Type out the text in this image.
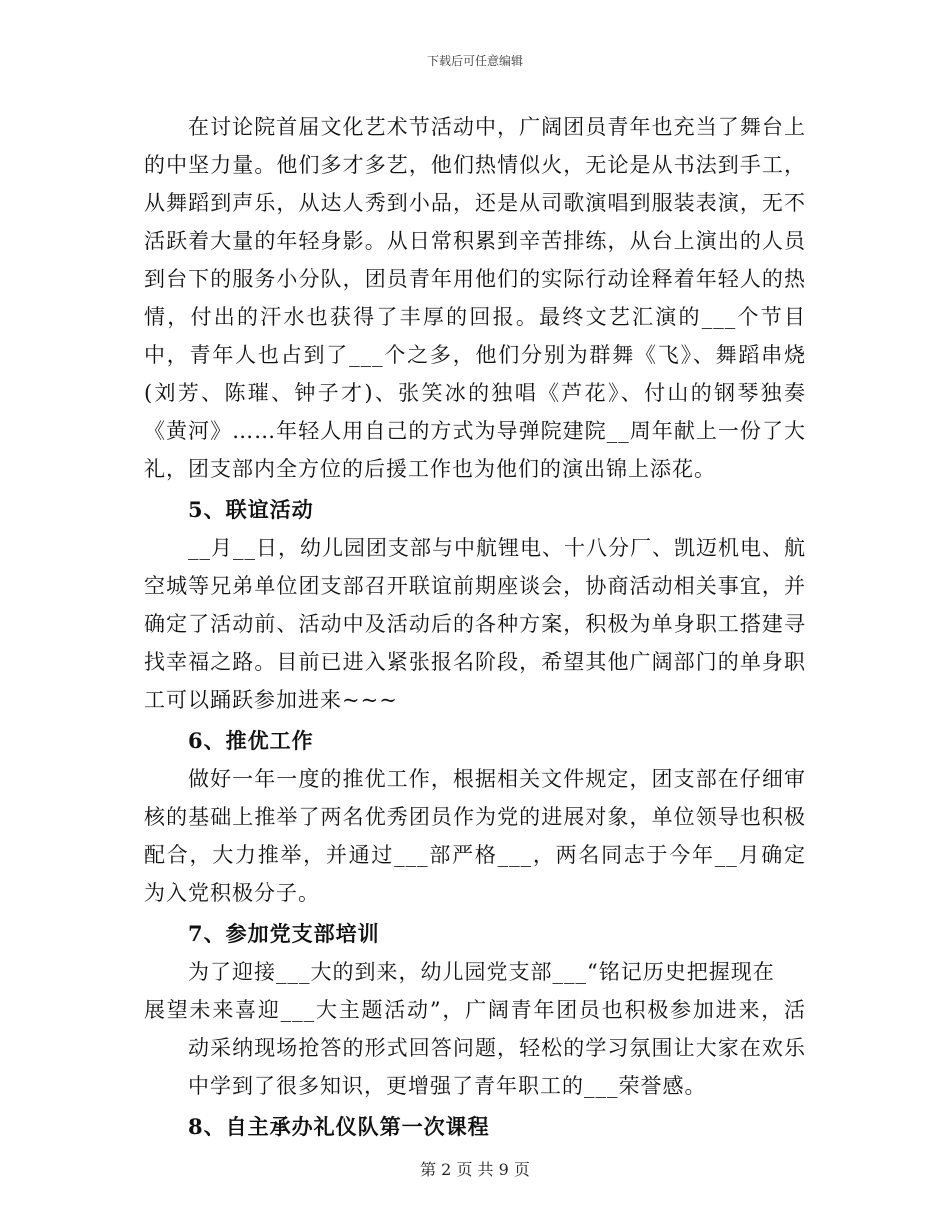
下载后可任意编辑

在讨论院首届文化艺术节活动中，广阔团员青年也充当了舞台上的中坚力量。他们多才多艺，他们热情似火，无论是从书法到手工，从舞蹈到声乐，从达人秀到小品，还是从司歌演唱到服装表演，无不活跃着大量的年轻身影。从日常积累到辛苦排练，从台上演出的人员到台下的服务小分队，团员青年用他们的实际行动诠释着年轻人的热情，付出的汗水也获得了丰厚的回报。最终文艺汇演的___个节目中，青年人也占到了___个之多，他们分别为群舞《飞》、舞蹈串烧(刘芳、陈璀、钟子才)、张笑冰的独唱《芦花》、付山的钢琴独奏《黄河》……年轻人用自己的方式为导弹院建院__周年献上一份了大礼，团支部内全方位的后援工作也为他们的演出锦上添花。

5、联谊活动

__月__日，幼儿园团支部与中航锂电、十八分厂、凯迈机电、航空城等兄弟单位团支部召开联谊前期座谈会，协商活动相关事宜，并确定了活动前、活动中及活动后的各种方案，积极为单身职工搭建寻找幸福之路。目前已进入紧张报名阶段，希望其他广阔部门的单身职工可以踊跃参加进来~~~

6、推优工作

做好一年一度的推优工作，根据相关文件规定，团支部在仔细审核的基础上推举了两名优秀团员作为党的进展对象，单位领导也积极配合，大力推举，并通过___部严格___，两名同志于今年__月确定为入党积极分子。

7、参加党支部培训

为了迎接___大的到来，幼儿园党支部___“铭记历史把握现在

展望未来喜迎___大主题活动”，广阔青年团员也积极参加进来，活动采纳现场抢答的形式回答问题，轻松的学习氛围让大家在欢乐中学到了很多知识，更增强了青年职工的___荣誉感。

8、自主承办礼仪队第一次课程
第 2 页 共 9 页
